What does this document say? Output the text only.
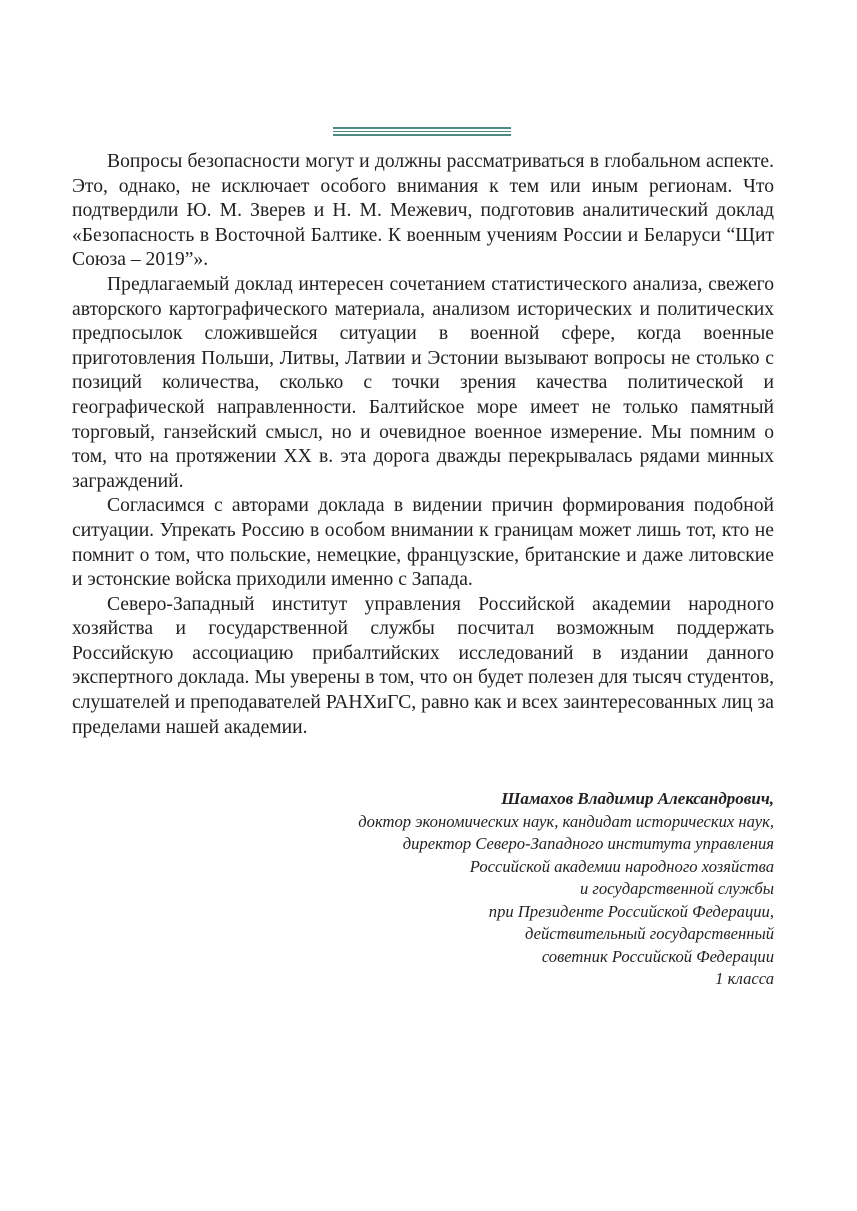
Вопросы безопасности могут и должны рассматриваться в глобальном аспекте. Это, однако, не исключает особого внимания к тем или иным регионам. Что подтвердили Ю. М. Зверев и Н. М. Межевич, подготовив аналитический доклад «Безопасность в Восточной Балтике. К военным учениям России и Беларуси “Щит Союза – 2019”».

Предлагаемый доклад интересен сочетанием статистического анализа, свежего авторского картографического материала, анализом исторических и политических предпосылок сложившейся ситуации в военной сфере, когда военные приготовления Польши, Литвы, Латвии и Эстонии вызывают вопросы не столько с позиций количества, сколько с точки зрения качества политической и географической направленности. Балтийское море имеет не только памятный торговый, ганзейский смысл, но и очевидное военное измерение. Мы помним о том, что на протяжении XX в. эта дорога дважды перекрывалась рядами минных заграждений.

Согласимся с авторами доклада в видении причин формирования подобной ситуации. Упрекать Россию в особом внимании к границам может лишь тот, кто не помнит о том, что польские, немецкие, французские, британские и даже литовские и эстонские войска приходили именно с Запада.

Северо-Западный институт управления Российской академии народного хозяйства и государственной службы посчитал возможным поддержать Российскую ассоциацию прибалтийских исследований в издании данного экспертного доклада. Мы уверены в том, что он будет полезен для тысяч студентов, слушателей и преподавателей РАНХиГС, равно как и всех заинтересованных лиц за пределами нашей академии.

Шамахов Владимир Александрович,
доктор экономических наук, кандидат исторических наук,
директор Северо-Западного института управления
Российской академии народного хозяйства
и государственной службы
при Президенте Российской Федерации,
действительный государственный
советник Российской Федерации
1 класса
